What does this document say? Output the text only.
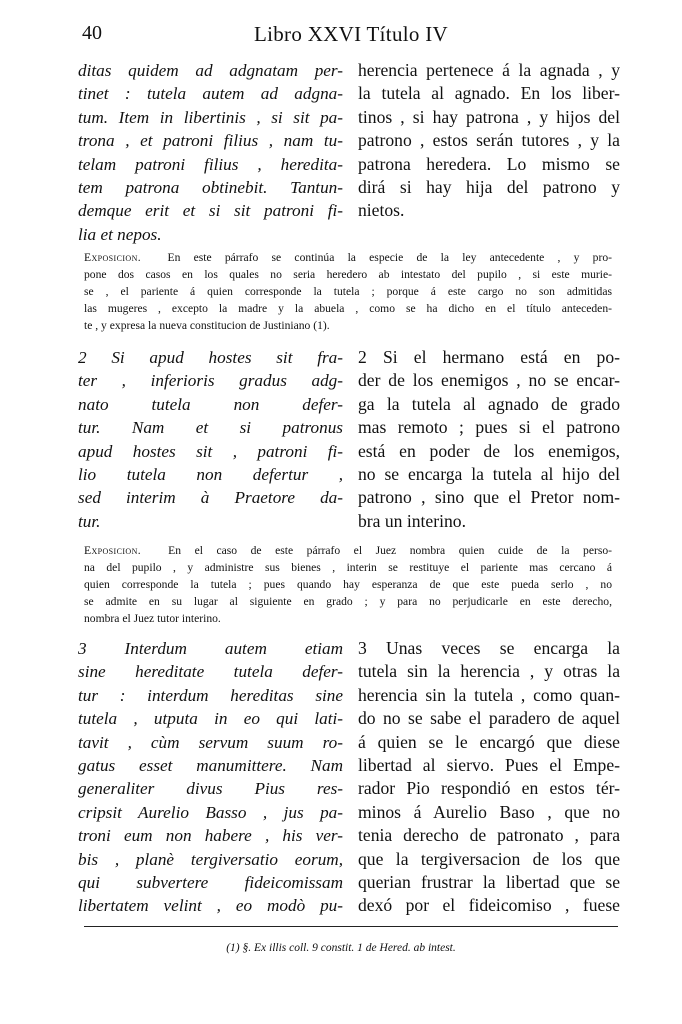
40	Libro XXVI Título IV
ditas quidem ad adgnatam per-
tinet : tutela autem ad adgna-
tum. Item in libertinis , si sit pa-
trona , et patroni filius , nam tu-
telam patroni filius , heredita-
tem patrona obtinebit. Tantun-
demque erit et si sit patroni fi-
lia et nepos.
herencia pertenece á la agnada , y
la tutela al agnado. En los liber-
tinos , si hay patrona , y hijos del
patrono , estos serán tutores , y la
patrona heredera. Lo mismo se
dirá si hay hija del patrono y
nietos.
Exposicion. En este párrafo se continúa la especie de la ley antecedente , y pro-
pone dos casos en los quales no seria heredero ab intestato del pupilo , si este murie-
se , el pariente á quien corresponde la tutela ; porque á este cargo no son admitidas
las mugeres , excepto la madre y la abuela , como se ha dicho en el título anteceden-
te , y expresa la nueva constitucion de Justiniano (1).
2 Si apud hostes sit fra-
ter , inferioris gradus adg-
nato tutela non defer-
tur. Nam et si patronus
apud hostes sit , patroni fi-
lio tutela non defertur ,
sed interim à Praetore da-
tur.
2 Si el hermano está en po-
der de los enemigos , no se encar-
ga la tutela al agnado de grado
mas remoto ; pues si el patrono
está en poder de los enemigos,
no se encarga la tutela al hijo del
patrono , sino que el Pretor nom-
bra un interino.
Exposicion. En el caso de este párrafo el Juez nombra quien cuide de la perso-
na del pupilo , y administre sus bienes , interin se restituye el pariente mas cercano á
quien corresponde la tutela ; pues quando hay esperanza de que este pueda serlo , no
se admite en su lugar al siguiente en grado ; y para no perjudicarle en este derecho,
nombra el Juez tutor interino.
3 Interdum autem etiam
sine hereditate tutela defer-
tur : interdum hereditas sine
tutela , utputa in eo qui lati-
tavit , cùm servum suum ro-
gatus esset manumittere. Nam
generaliter divus Pius res-
cripsit Aurelio Basso , jus pa-
troni eum non habere , his ver-
bis , planè tergiversatio eorum,
qui subvertere fideicomissam
libertatem velint , eo modò pu-
3 Unas veces se encarga la
tutela sin la herencia , y otras la
herencia sin la tutela , como quan-
do no se sabe el paradero de aquel
á quien se le encargó que diese
libertad al siervo. Pues el Empe-
rador Pio respondió en estos tér-
minos á Aurelio Baso , que no
tenia derecho de patronato , para
que la tergiversacion de los que
querian frustrar la libertad que se
dexó por el fideicomiso , fuese
(1) §. Ex illis coll. 9 constit. 1 de Hered. ab intest.
